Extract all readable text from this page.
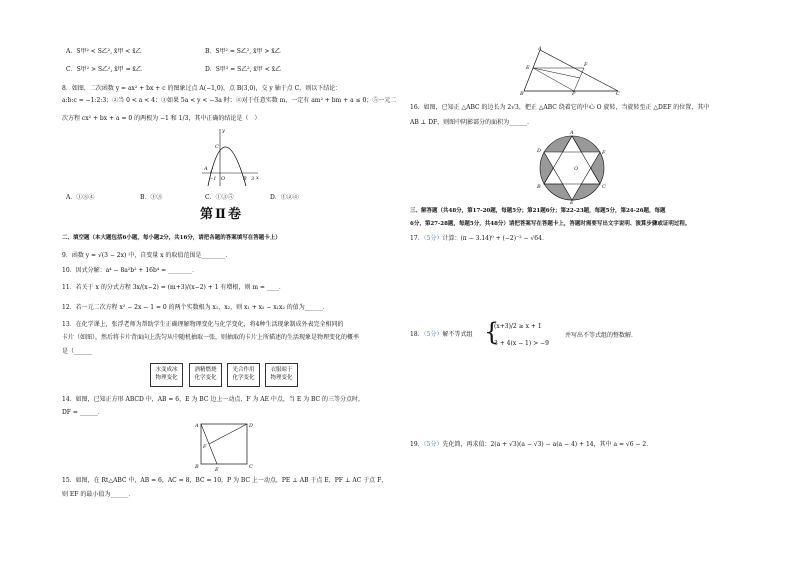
A．S甲² < S乙², x̄甲 < x̄乙	B．S甲² = S乙², x̄甲 > x̄乙
C．S甲² > S乙², x̄甲 = x̄乙	D．S甲² = S乙², x̄甲 < x̄乙
8．如图，二次函数 y = ax² + bx + c 的图象过点 A(−1,0)，点 B(3,0)，交 y 轴于点 C，则以下结论：
a:b:c = −1:2:3；②当 0 < a < 4；③如果 5a < y < −3a 时；④对于任意实数 m，一定有 am² + bm + a ≤ 0；⑤一元二
次方程 cx² + bx + a = 0 的两根为 −1 和 1/3，其中正确的结论是（　）
A
−1 O	B 3 x
y
C
A．①③④	B．①③	C．①③⑤	D．①②④
第Ⅱ卷
二、填空题（本大题包括6小题，每小题2分，共16分，请把各题的答案填写在答题卡上）
9．函数 y = √(3 − 2x) 中，自变量 x 的取值范围是________．
10．因式分解：a⁴ − 8a²b² + 16b⁴ = ________．
11．若关于 x 的分式方程 3x/(x−2) = (m+3)/(x−2) + 1 有增根，则 m = ____．
12．若一元二次方程 x² − 2x − 1 = 0 的两个实数根为 x₁，x₂，则 x₁ + x₂ − x₁x₂ 的值为______．
13．在化学课上，张浮老师为帮助学生正确理解物理变化与化学变化，将4种生活现象制成外表完全相同的
卡片（如图），然后将卡片背面向上洗匀从中随机抽取一张，则抽取的卡片上所描述的生活现象是物理变化的概率
是（______
水变成冰
物理变化
酒精燃烧
化学变化
光合作用
化学变化
衣服晾干
物理变化
14．如图，已知正方形 ABCD 中，AB = 6，E 为 BC 边上一动点，F 为 AE 中点，当 E 为 BC 的三等分点时，
DF = ______．
A	D
B	C
E
F
15．如图，在 Rt△ABC 中，AB = 6，AC = 8，BC = 10，P 为 BC 上一动点，PE ⊥ AB 于点 E，PF ⊥ AC 于点 F，
则 EF 的最小值为______．
A
E	F
B	P	C
16．如图，已知正 △ABC 的边长为 2√3，把正 △ABC 绕着它的中心 O 旋转，当旋转至正 △DEF 的位置，其中
AB ⊥ DF，则图中阴影部分的面积为______．
A
D	F
B	C
E
O
三、解答题（共48分，第17-20题，每题5分；第21题6分；第22-23题，每题5分，第24-26题，每题
6分，第27-28题，每题5分，共48分）请把答案写在答题卡上，答题时需要写出文字说明、演算步骤或证明过程。
17．（5分）计算：(π − 3.14)⁰ + (−2)⁻² − √64．
18．（5分）解不等式组 {
(x+3)/2 ≥ x + 1
3 + 4(x − 1) > −9
并写出不等式组的整数解．
19．（5分）先化简，再求值：2(a + √3)(a − √3) − a(a − 4) + 14，其中 a = √6 − 2．
